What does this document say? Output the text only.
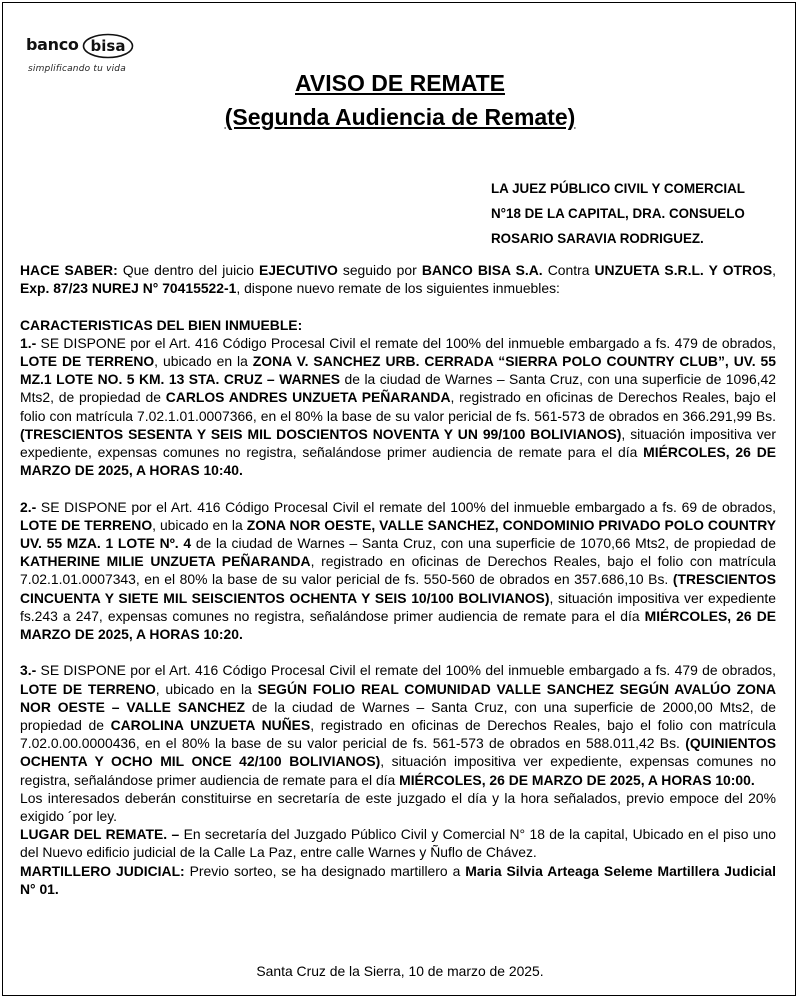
banco bisa
simplificando tu vida
AVISO DE REMATE
(Segunda Audiencia de Remate)
LA JUEZ PÚBLICO CIVIL Y COMERCIAL
N°18 DE LA CAPITAL, DRA. CONSUELO
ROSARIO SARAVIA RODRIGUEZ.

HACE SABER: Que dentro del juicio EJECUTIVO seguido por BANCO BISA S.A. Contra UNZUETA S.R.L. Y OTROS, Exp. 87/23 NUREJ N° 70415522-1, dispone nuevo remate de los siguientes inmuebles:

CARACTERISTICAS DEL BIEN INMUEBLE:

1.- SE DISPONE por el Art. 416 Código Procesal Civil el remate del 100% del inmueble embargado a fs. 479 de obrados, LOTE DE TERRENO, ubicado en la ZONA V. SANCHEZ URB. CERRADA “SIERRA POLO COUNTRY CLUB”, UV. 55 MZ.1 LOTE NO. 5 KM. 13 STA. CRUZ – WARNES de la ciudad de Warnes – Santa Cruz, con una superficie de 1096,42 Mts2, de propiedad de CARLOS ANDRES UNZUETA PEÑARANDA, registrado en oficinas de Derechos Reales, bajo el folio con matrícula 7.02.1.01.0007366, en el 80% la base de su valor pericial de fs. 561-573 de obrados en 366.291,99 Bs. (TRESCIENTOS SESENTA Y SEIS MIL DOSCIENTOS NOVENTA Y UN 99/100 BOLIVIANOS), situación impositiva ver expediente, expensas comunes no registra, señalándose primer audiencia de remate para el día MIÉRCOLES, 26 DE MARZO DE 2025, A HORAS 10:40.

2.- SE DISPONE por el Art. 416 Código Procesal Civil el remate del 100% del inmueble embargado a fs. 69 de obrados, LOTE DE TERRENO, ubicado en la ZONA NOR OESTE, VALLE SANCHEZ, CONDOMINIO PRIVADO POLO COUNTRY UV. 55 MZA. 1 LOTE Nº. 4 de la ciudad de Warnes – Santa Cruz, con una superficie de 1070,66 Mts2, de propiedad de KATHERINE MILIE UNZUETA PEÑARANDA, registrado en oficinas de Derechos Reales, bajo el folio con matrícula 7.02.1.01.0007343, en el 80% la base de su valor pericial de fs. 550-560 de obrados en 357.686,10 Bs. (TRESCIENTOS CINCUENTA Y SIETE MIL SEISCIENTOS OCHENTA Y SEIS 10/100 BOLIVIANOS), situación impositiva ver expediente fs.243 a 247, expensas comunes no registra, señalándose primer audiencia de remate para el día MIÉRCOLES, 26 DE MARZO DE 2025, A HORAS 10:20.

3.- SE DISPONE por el Art. 416 Código Procesal Civil el remate del 100% del inmueble embargado a fs. 479 de obrados, LOTE DE TERRENO, ubicado en la SEGÚN FOLIO REAL COMUNIDAD VALLE SANCHEZ SEGÚN AVALÚO ZONA NOR OESTE – VALLE SANCHEZ de la ciudad de Warnes – Santa Cruz, con una superficie de 2000,00 Mts2, de propiedad de CAROLINA UNZUETA NUÑES, registrado en oficinas de Derechos Reales, bajo el folio con matrícula 7.02.0.00.0000436, en el 80% la base de su valor pericial de fs. 561-573 de obrados en 588.011,42 Bs. (QUINIENTOS OCHENTA Y OCHO MIL ONCE 42/100 BOLIVIANOS), situación impositiva ver expediente, expensas comunes no registra, señalándose primer audiencia de remate para el día MIÉRCOLES, 26 DE MARZO DE 2025, A HORAS 10:00.

Los interesados deberán constituirse en secretaría de este juzgado el día y la hora señalados, previo empoce del 20% exigido ´por ley.

LUGAR DEL REMATE. – En secretaría del Juzgado Público Civil y Comercial N° 18 de la capital, Ubicado en el piso uno del Nuevo edificio judicial de la Calle La Paz, entre calle Warnes y Ñuflo de Chávez.

MARTILLERO JUDICIAL: Previo sorteo, se ha designado martillero a Maria Silvia Arteaga Seleme Martillera Judicial N° 01.

Santa Cruz de la Sierra, 10 de marzo de 2025.
